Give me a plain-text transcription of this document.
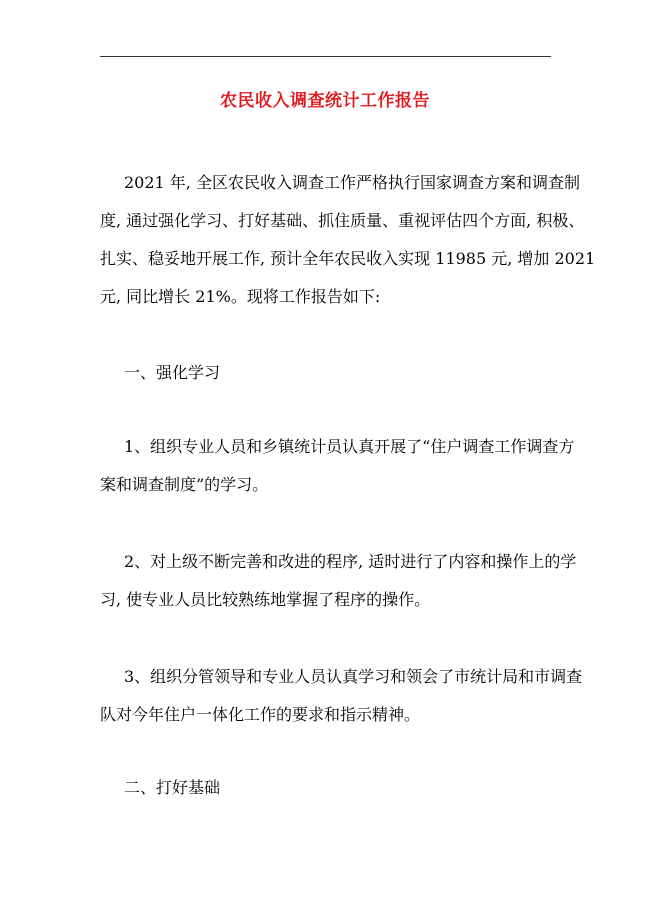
农民收入调查统计工作报告
2021 年, 全区农民收入调查工作严格执行国家调查方案和调查制
度, 通过强化学习、打好基础、抓住质量、重视评估四个方面, 积极、
扎实、稳妥地开展工作, 预计全年农民收入实现 11985 元, 增加 2021
元, 同比增长 21%。现将工作报告如下:
一、强化学习
1、组织专业人员和乡镇统计员认真开展了“住户调查工作调查方
案和调查制度”的学习。
2、对上级不断完善和改进的程序, 适时进行了内容和操作上的学
习, 使专业人员比较熟练地掌握了程序的操作。
3、组织分管领导和专业人员认真学习和领会了市统计局和市调查
队对今年住户一体化工作的要求和指示精神。
二、打好基础
